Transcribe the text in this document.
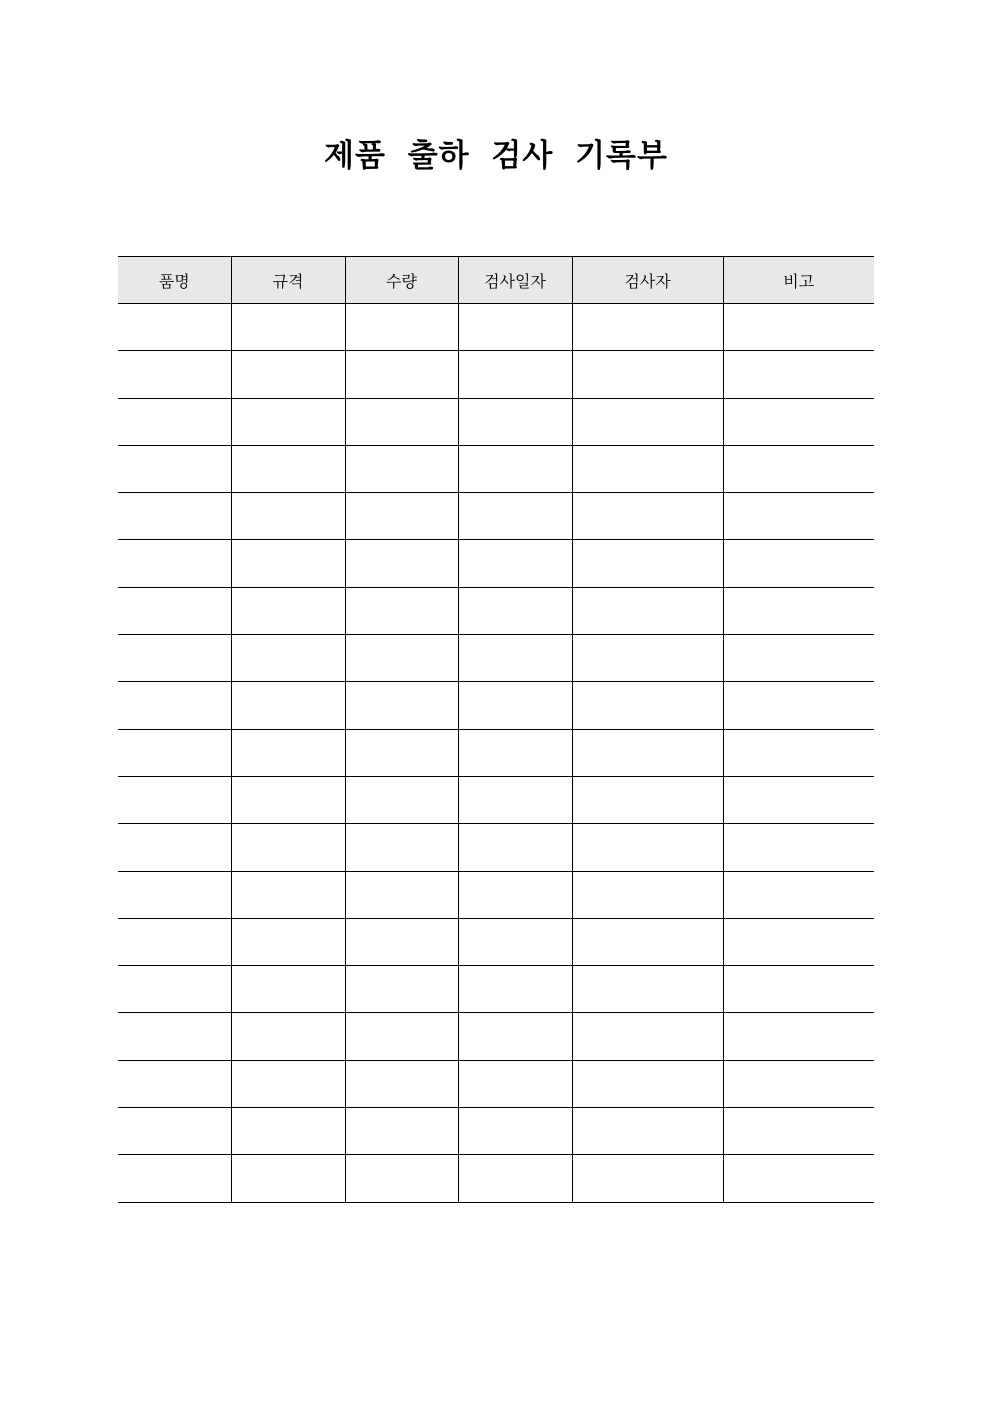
제품 출하 검사 기록부
품명	규격	수량	검사일자	검사자	비고
